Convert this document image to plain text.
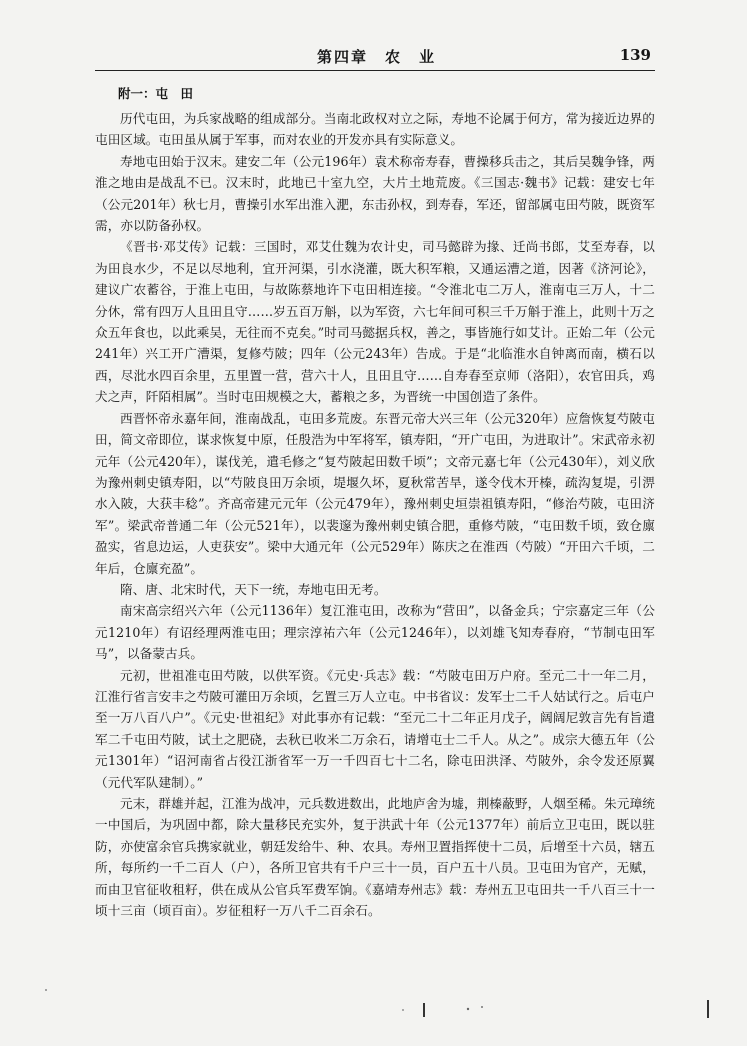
第四章　农　业	139
附一：屯　田

历代屯田，为兵家战略的组成部分。当南北政权对立之际，寿地不论属于何方，常为接近边界的屯田区域。屯田虽从属于军事，而对农业的开发亦具有实际意义。

寿地屯田始于汉末。建安二年（公元196年）袁术称帝寿春，曹操移兵击之，其后吴魏争锋，两淮之地由是战乱不已。汉末时，此地已十室九空，大片土地荒废。《三国志·魏书》记载：建安七年（公元201年）秋七月，曹操引水军出淮入淝，东击孙权，到寿春，军还，留部属屯田芍陂，既资军需，亦以防备孙权。

《晋书·邓艾传》记载：三国时，邓艾仕魏为农计史，司马懿辟为掾、迁尚书郎，艾至寿春，以为田良水少，不足以尽地利，宜开河渠，引水浇灌，既大积军粮，又通运漕之道，因著《济河论》，建议广农蓄谷，于淮上屯田，与故陈蔡地许下屯田相连接。“令淮北屯二万人，淮南屯三万人，十二分休，常有四万人且田且守……岁五百万斛，以为军资，六七年间可积三千万斛于淮上，此则十万之众五年食也，以此乘吴，无往而不克矣。”时司马懿据兵权，善之，事皆施行如艾计。正始二年（公元241年）兴工开广漕渠，复修芍陂；四年（公元243年）告成。于是“北临淮水自钟离而南，横石以西，尽沘水四百余里，五里置一营，营六十人，且田且守……自寿春至京师（洛阳），农官田兵，鸡犬之声，阡陌相属”。当时屯田规模之大，蓄粮之多，为晋统一中国创造了条件。

西晋怀帝永嘉年间，淮南战乱，屯田多荒废。东晋元帝大兴三年（公元320年）应詹恢复芍陂屯田，简文帝即位，谋求恢复中原，任殷浩为中军将军，镇寿阳，“开广屯田，为进取计”。宋武帝永初元年（公元420年），谋伐羌，遣毛修之“复芍陂起田数千顷”；文帝元嘉七年（公元430年），刘义欣为豫州刺史镇寿阳，以“芍陂良田万余顷，堤堰久坏，夏秋常苦旱，遂令伐木开榛，疏沟复堤，引淠水入陂，大获丰稔”。齐高帝建元元年（公元479年），豫州刺史垣崇祖镇寿阳，“修治芍陂，屯田济军”。梁武帝普通二年（公元521年），以裴邃为豫州刺史镇合肥，重修芍陂，“屯田数千顷，致仓廪盈实，省息边运，人吏获安”。梁中大通元年（公元529年）陈庆之在淮西（芍陂）“开田六千顷，二年后，仓廪充盈”。

隋、唐、北宋时代，天下一统，寿地屯田无考。

南宋高宗绍兴六年（公元1136年）复江淮屯田，改称为“营田”，以备金兵；宁宗嘉定三年（公元1210年）有诏经理两淮屯田；理宗淳祐六年（公元1246年），以刘雄飞知寿春府，“节制屯田军马”，以备蒙古兵。

元初，世祖准屯田芍陂，以供军资。《元史·兵志》载：“芍陂屯田万户府。至元二十一年二月，江淮行省言安丰之芍陂可灌田万余顷，乞置三万人立屯。中书省议：发军士二千人姑试行之。后屯户至一万八百八户”。《元史·世祖纪》对此事亦有记载：“至元二十二年正月戊子，阔阔尼敦言先有旨遣军二千屯田芍陂，试土之肥硗，去秋已收米二万余石，请增屯士二千人。从之”。成宗大德五年（公元1301年）“诏河南省占役江浙省军一万一千四百七十二名，除屯田洪泽、芍陂外，余令发还原翼（元代军队建制）。”

元末，群雄并起，江淮为战冲，元兵数进数出，此地庐舍为墟，荆榛蔽野，人烟至稀。朱元璋统一中国后，为巩固中都，除大量移民充实外，复于洪武十年（公元1377年）前后立卫屯田，既以驻防，亦使富余官兵携家就业，朝廷发给牛、种、农具。寿州卫置指挥使十二员，后增至十六员，辖五所，每所约一千二百人（户），各所卫官共有千户三十一员，百户五十八员。卫屯田为官产，无赋，而由卫官征收租籽，供在成从公官兵军费军饷。《嘉靖寿州志》载：寿州五卫屯田共一千八百三十一顷十三亩（顷百亩）。岁征租籽一万八千二百余石。
